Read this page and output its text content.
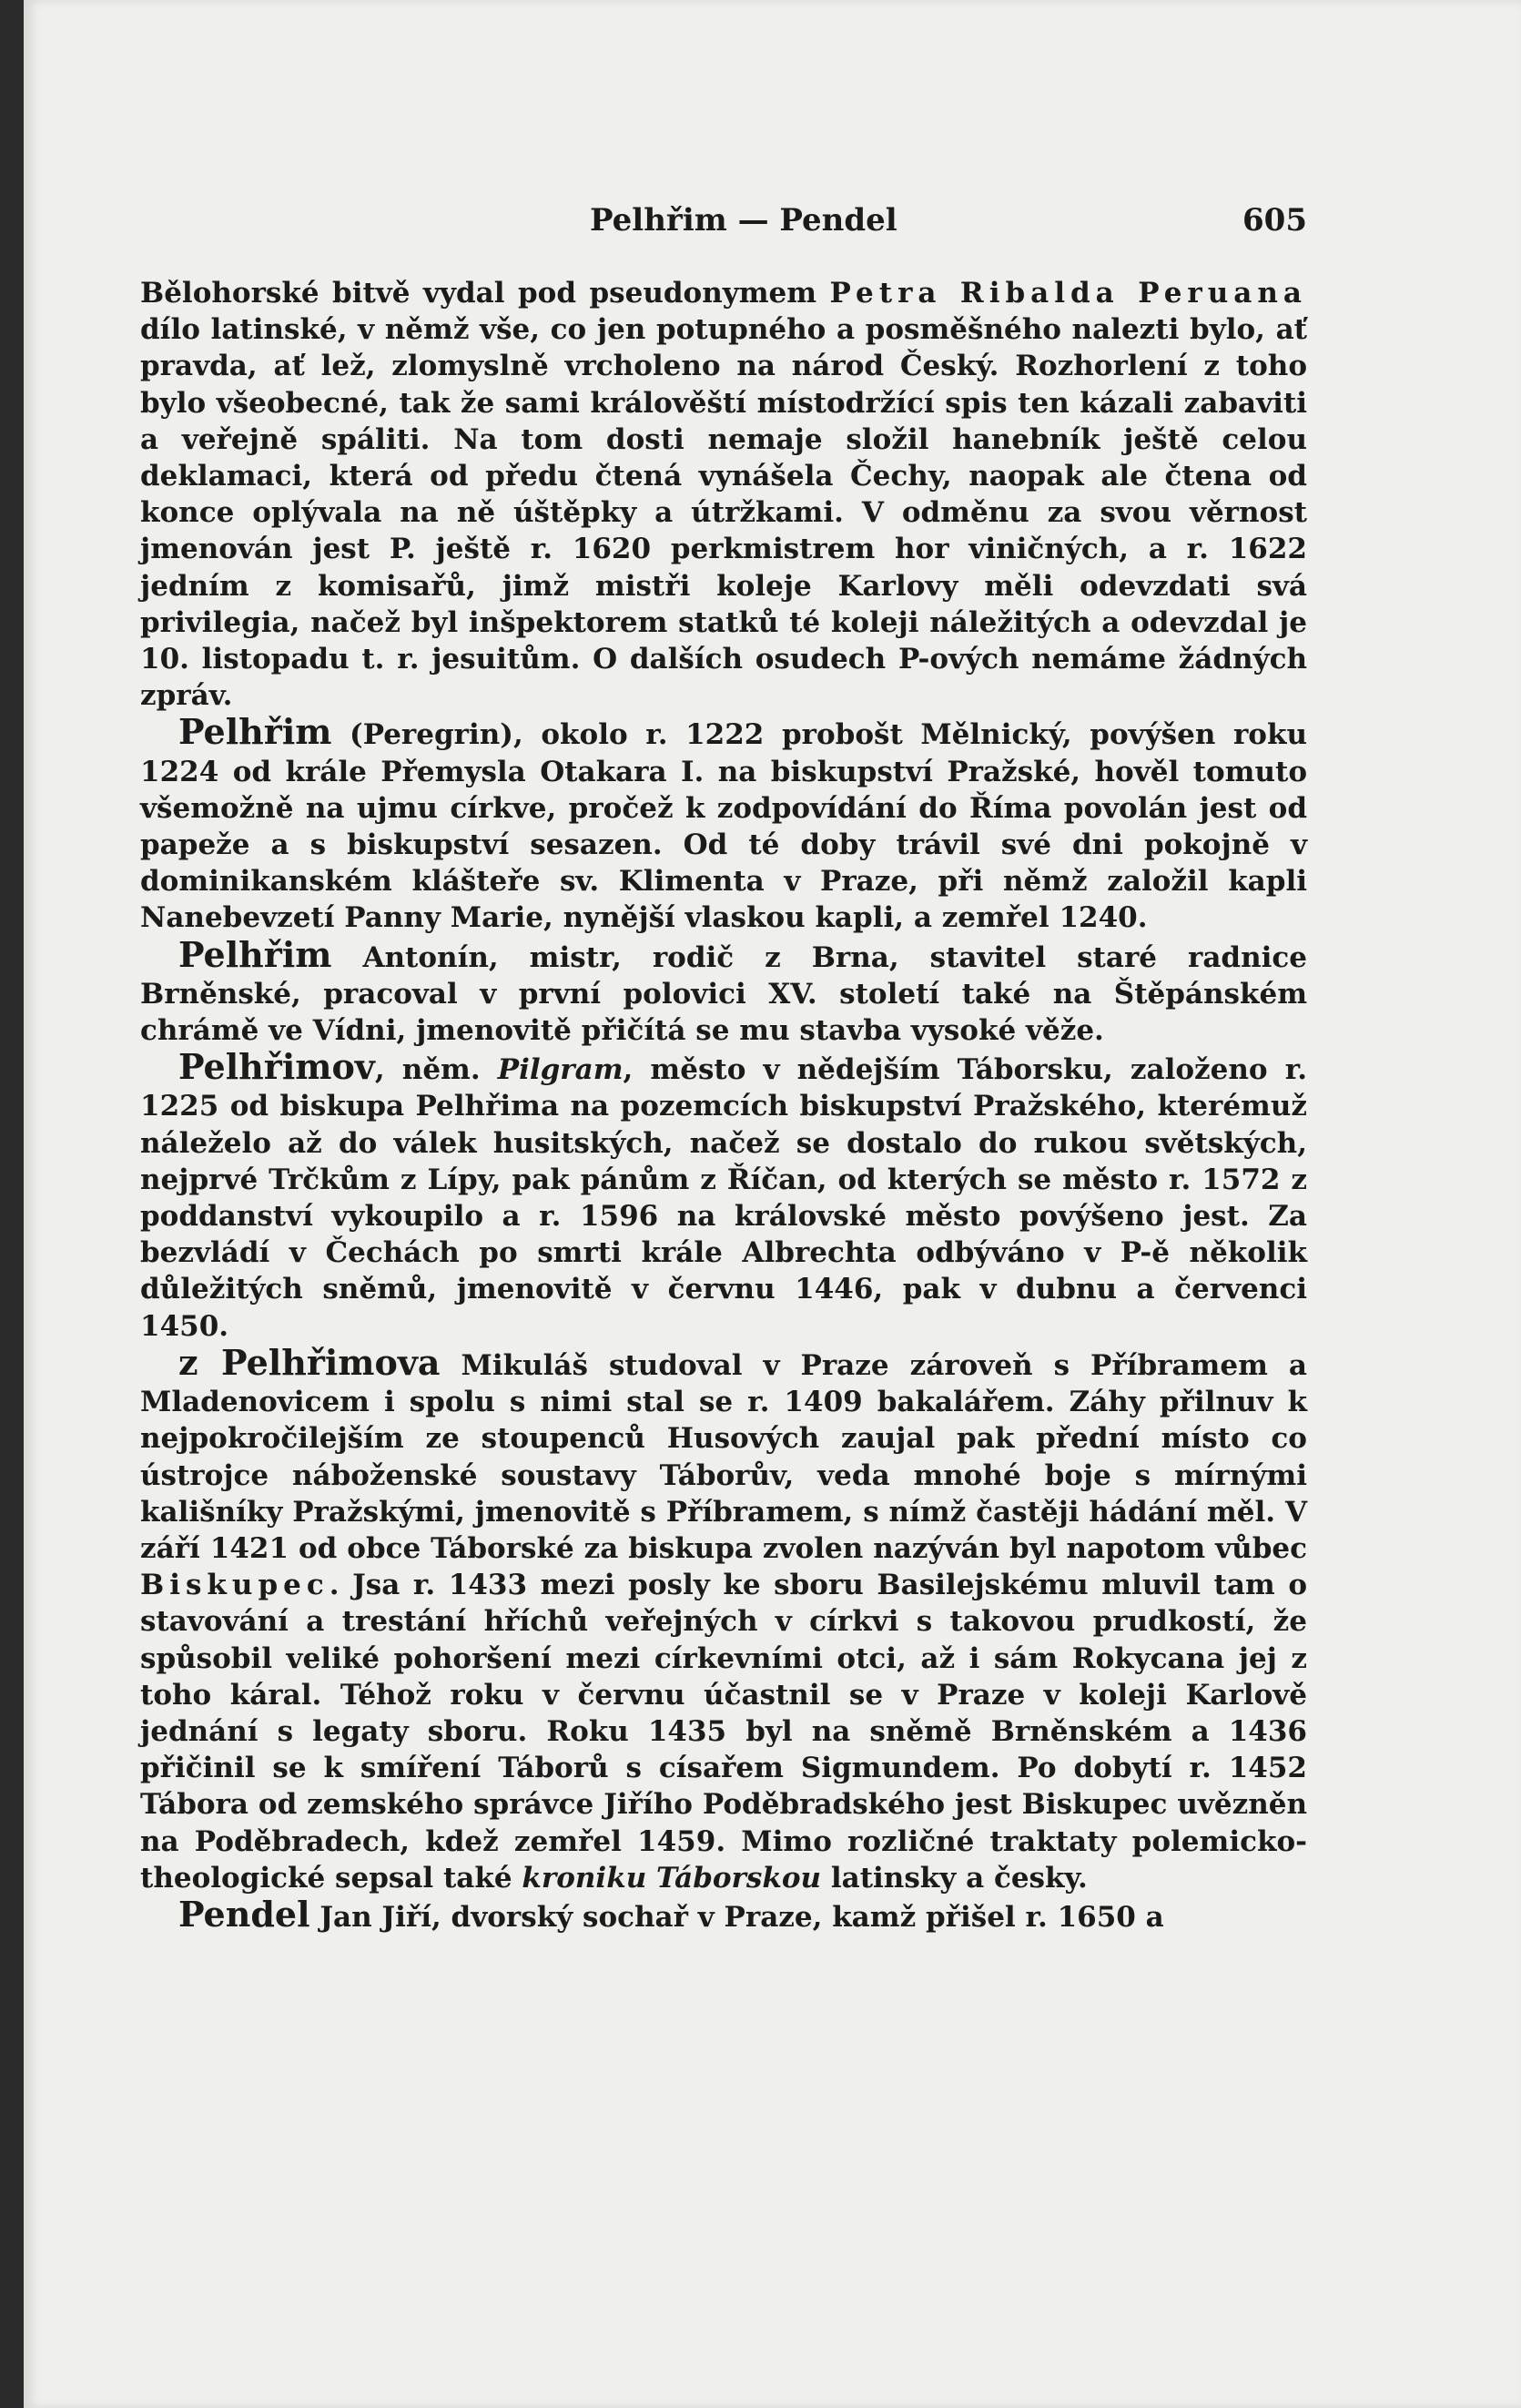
Pelhřim — Pendel	605

Bělohorské bitvě vydal pod pseudonymem Petra Ribalda Peruana dílo latinské, v němž vše, co jen potupného a posměšného nalezti bylo, ať pravda, ať lež, zlomyslně vrcholeno na národ Český. Rozhorlení z toho bylo všeobecné, tak že sami králověští místodržící spis ten kázali zabaviti a veřejně spáliti. Na tom dosti nemaje složil hanebník ještě celou deklamaci, která od předu čtená vynášela Čechy, naopak ale čtena od konce oplývala na ně úštěpky a útržkami. V odměnu za svou věrnost jmenován jest P. ještě r. 1620 perkmistrem hor viničných, a r. 1622 jedním z komisařů, jimž mistři koleje Karlovy měli odevzdati svá privilegia, načež byl inšpektorem statků té koleji náležitých a odevzdal je 10. listopadu t. r. jesuitům. O dalších osudech P-ových nemáme žádných zpráv.

Pelhřim (Peregrin), okolo r. 1222 probošt Mělnický, povýšen roku 1224 od krále Přemysla Otakara I. na biskupství Pražské, hověl tomuto všemožně na ujmu církve, pročež k zodpovídání do Říma povolán jest od papeže a s biskupství sesazen. Od té doby trávil své dni pokojně v dominikanském klášteře sv. Klimenta v Praze, při němž založil kapli Nanebevzetí Panny Marie, nynější vlaskou kapli, a zemřel 1240.

Pelhřim Antonín, mistr, rodič z Brna, stavitel staré radnice Brněnské, pracoval v první polovici XV. století také na Štěpánském chrámě ve Vídni, jmenovitě přičítá se mu stavba vysoké věže.

Pelhřimov, něm. Pilgram, město v nědejším Táborsku, založeno r. 1225 od biskupa Pelhřima na pozemcích biskupství Pražského, kterémuž náleželo až do válek husitských, načež se dostalo do rukou světských, nejprvé Trčkům z Lípy, pak pánům z Říčan, od kterých se město r. 1572 z poddanství vykoupilo a r. 1596 na královské město povýšeno jest. Za bezvládí v Čechách po smrti krále Albrechta odbýváno v P-ě několik důležitých sněmů, jmenovitě v červnu 1446, pak v dubnu a červenci 1450.

z Pelhřimova Mikuláš studoval v Praze zároveň s Příbramem a Mladenovicem i spolu s nimi stal se r. 1409 bakalářem. Záhy přilnuv k nejpokročilejším ze stoupenců Husových zaujal pak přední místo co ústrojce náboženské soustavy Táborův, veda mnohé boje s mírnými kališníky Pražskými, jmenovitě s Příbramem, s nímž častěji hádání měl. V září 1421 od obce Táborské za biskupa zvolen nazýván byl napotom vůbec Biskupec. Jsa r. 1433 mezi posly ke sboru Basilejskému mluvil tam o stavování a trestání hříchů veřejných v církvi s takovou prudkostí, že spůsobil veliké pohoršení mezi církevními otci, až i sám Rokycana jej z toho káral. Téhož roku v červnu účastnil se v Praze v koleji Karlově jednání s legaty sboru. Roku 1435 byl na sněmě Brněnském a 1436 přičinil se k smíření Táborů s císařem Sigmundem. Po dobytí r. 1452 Tábora od zemského správce Jiřího Poděbradského jest Biskupec uvězněn na Poděbradech, kdež zemřel 1459. Mimo rozličné traktaty polemicko-theologické sepsal také kroniku Táborskou latinsky a česky.

Pendel Jan Jiří, dvorský sochař v Praze, kamž přišel r. 1650 a
